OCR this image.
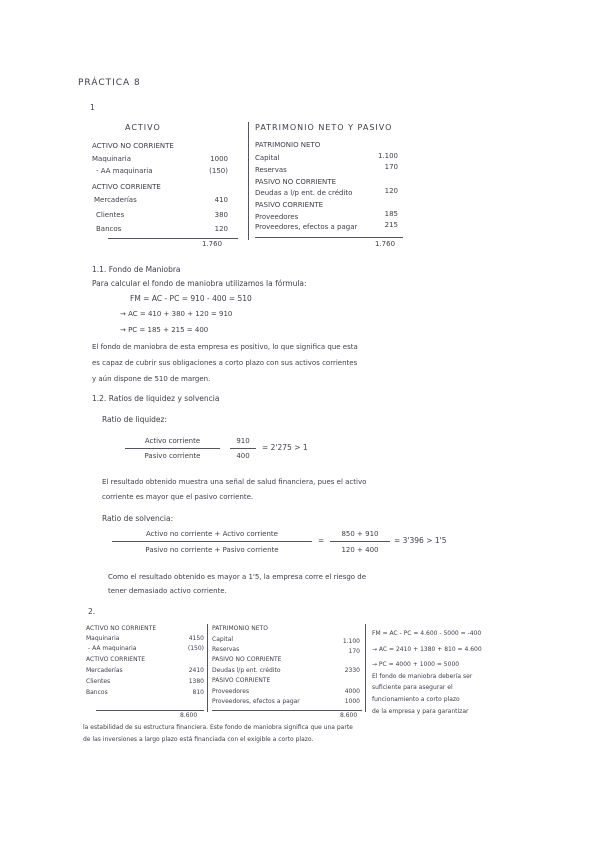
PRÁCTICA 8
1
ACTIVO	PATRIMONIO NETO Y PASIVO
ACTIVO NO CORRIENTE
Maquinaria	1000
- AA maquinaria	(150)
ACTIVO CORRIENTE
Mercaderías	410
Clientes	380
Bancos	120
1.760
PATRIMONIO NETO
Capital	1.100
Reservas	170
PASIVO NO CORRIENTE
Deudas a l/p ent. de crédito	120
PASIVO CORRIENTE
Proveedores	185
Proveedores, efectos a pagar	215
1.760
1.1. Fondo de Maniobra
Para calcular el fondo de maniobra utilizamos la fórmula:
FM = AC - PC = 910 - 400 = 510
→ AC = 410 + 380 + 120 = 910
→ PC = 185 + 215 = 400
El fondo de maniobra de esta empresa es positivo, lo que significa que esta
es capaz de cubrir sus obligaciones a corto plazo con sus activos corrientes
y aún dispone de 510 de margen.
1.2. Ratios de liquidez y solvencia
Ratio de liquidez:
Activo corriente
Pasivo corriente
910
400
= 2'275 > 1
El resultado obtenido muestra una señal de salud financiera, pues el activo
corriente es mayor que el pasivo corriente.
Ratio de solvencia:
Activo no corriente + Activo corriente
Pasivo no corriente + Pasivo corriente
=
850 + 910
120 + 400
= 3'396 > 1'5
Como el resultado obtenido es mayor a 1'5, la empresa corre el riesgo de
tener demasiado activo corriente.
2.
ACTIVO NO CORRIENTE
Maquinaria	4150
- AA maquinaria	(150)
ACTIVO CORRIENTE
Mercaderías	2410
Clientes	1380
Bancos	810
8.600
PATRIMONIO NETO
Capital	1.100
Reservas	170
PASIVO NO CORRIENTE
Deudas l/p ent. crédito	2330
PASIVO CORRIENTE
Proveedores	4000
Proveedores, efectos a pagar	1000
8.600
FM = AC - PC = 4.600 - 5000 = -400
→ AC = 2410 + 1380 + 810 = 4.600
→ PC = 4000 + 1000 = 5000
El fondo de maniobra debería ser
suficiente para asegurar el
funcionamiento a corto plazo
de la empresa y para garantizar
la estabilidad de su estructura financiera. Este fondo de maniobra significa que una parte
de las inversiones a largo plazo está financiada con el exigible a corto plazo.
